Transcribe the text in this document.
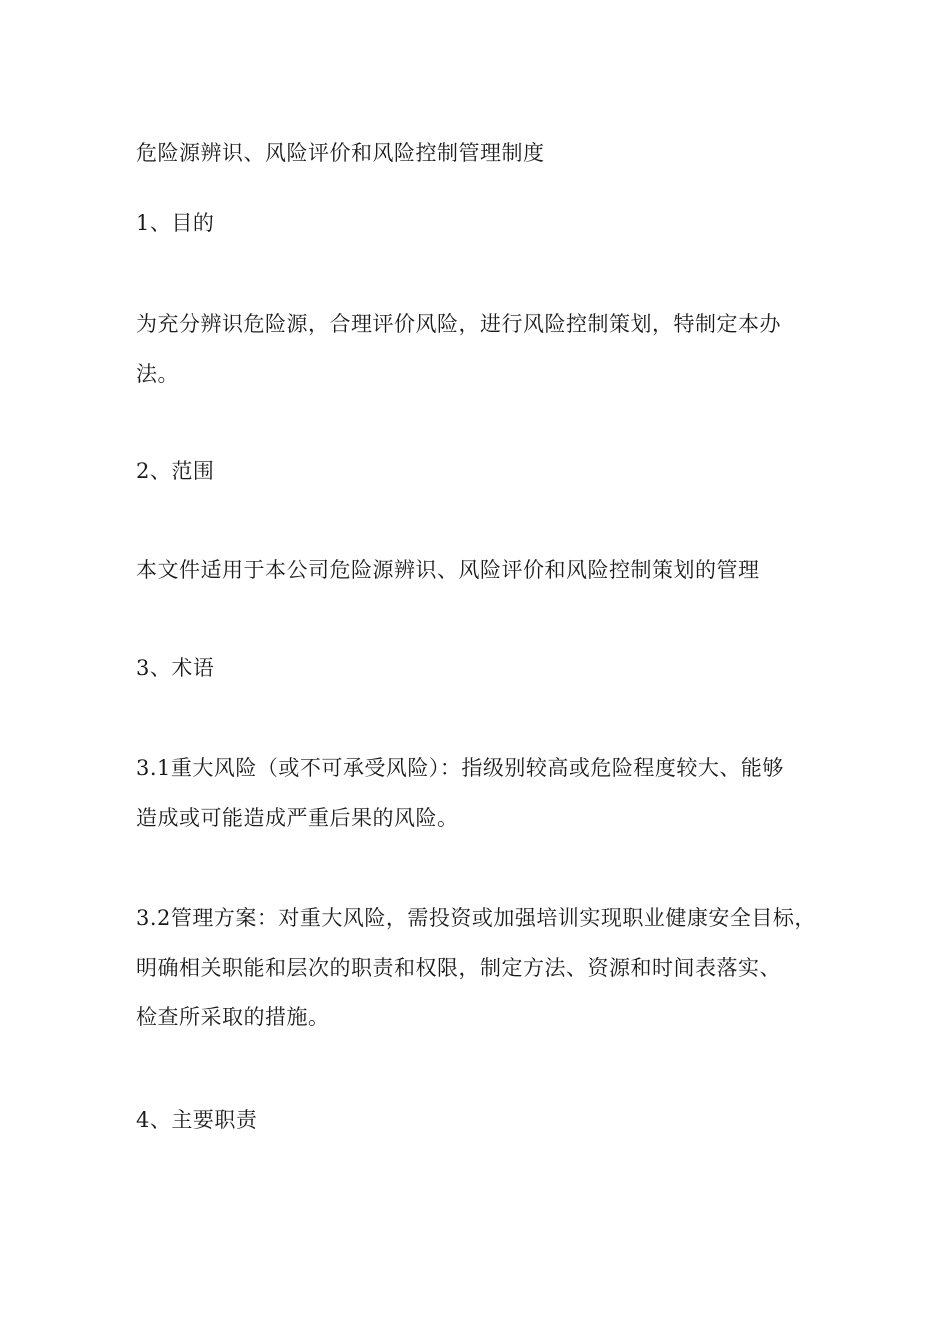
危险源辨识、风险评价和风险控制管理制度
1、目的
为充分辨识危险源，合理评价风险，进行风险控制策划，特制定本办
法。
2、范围
本文件适用于本公司危险源辨识、风险评价和风险控制策划的管理
3、术语
3.1重大风险（或不可承受风险）：指级别较高或危险程度较大、能够
造成或可能造成严重后果的风险。
3.2管理方案：对重大风险，需投资或加强培训实现职业健康安全目标，
明确相关职能和层次的职责和权限，制定方法、资源和时间表落实、
检查所采取的措施。
4、主要职责
